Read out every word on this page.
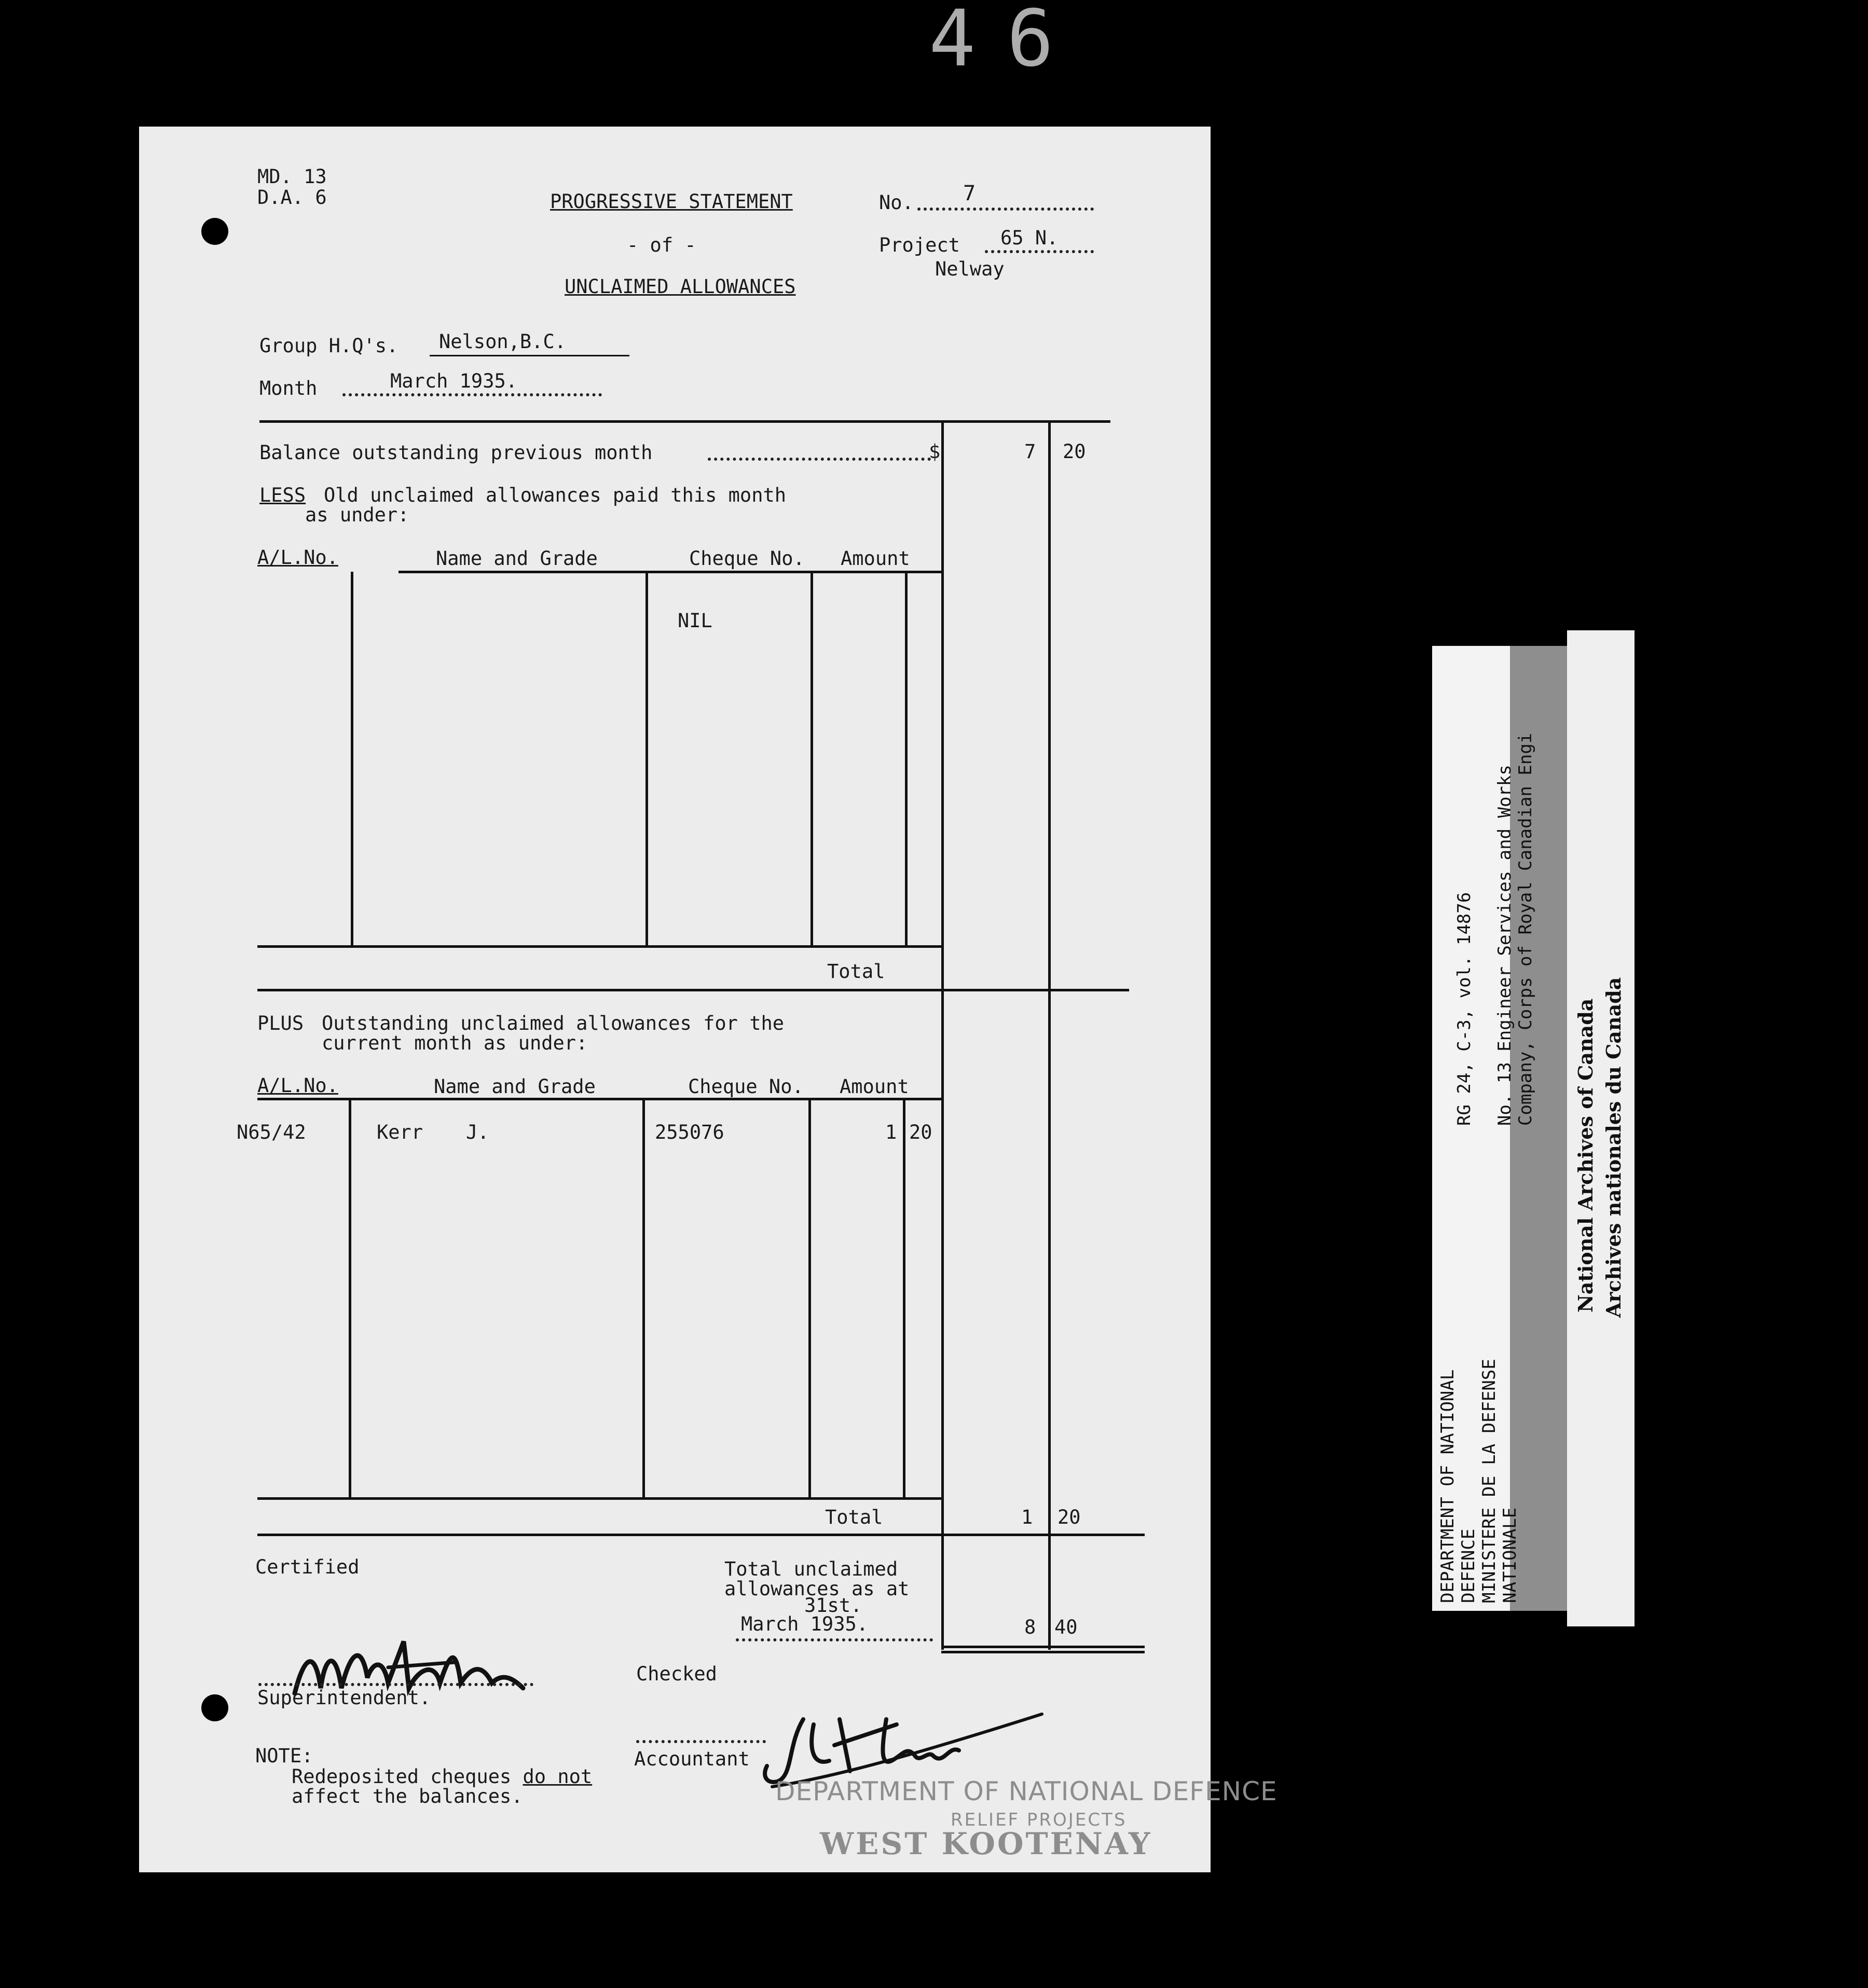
46
MD. 13
D.A. 6	PROGRESSIVE STATEMENT
- of -
UNCLAIMED ALLOWANCES
No. 7
Project 65 N.
Nelway
Group H.Q's. Nelson,B.C.
Month	March 1935.
Balance outstanding previous month	$	7 20
LESS Old unclaimed allowances paid this month
as under:
A/L.No.	Name and Grade	Cheque No. Amount
NIL
Total
PLUS Outstanding unclaimed allowances for the
current month as under:
A/L.No.	Name and Grade	Cheque No. Amount
N65/42	Kerr J.	255076	1 20
Total	1 20
Certified	Total unclaimed
allowances as at
31st.
March 1935.	8 40
Superintendent.
Checked
Accountant
NOTE:
Redeposited cheques do not
affect the balances.	DEPARTMENT OF NATIONAL DEFENCE
RELIEF PROJECTS
WEST KOOTENAY
DEPARTMENT OF NATIONAL DEFENCE MINISTERE DE LA DEFENSE NATIONALE
RG 24, C-3, vol. 14876 No. 13 Engineer Services and Works Company, Corps of Royal Canadian Engi
National Archives of Canada Archives nationales du Canada
